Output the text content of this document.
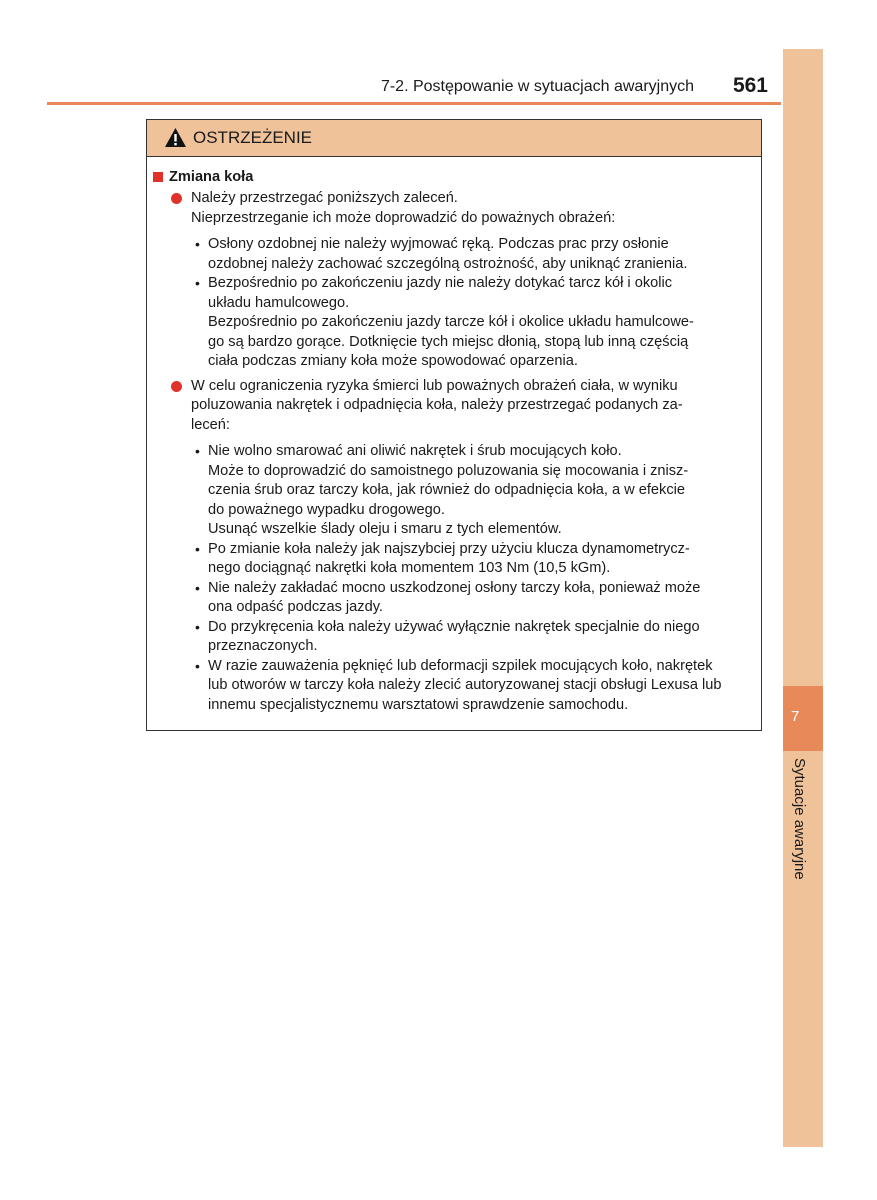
7-2. Postępowanie w sytuacjach awaryjnych 561
7
Sytuacje awaryjne
OSTRZEŻENIE
Zmiana koła
Należy przestrzegać poniższych zaleceń.
Nieprzestrzeganie ich może doprowadzić do poważnych obrażeń:
• Osłony ozdobnej nie należy wyjmować ręką. Podczas prac przy osłonie
ozdobnej należy zachować szczególną ostrożność, aby uniknąć zranienia.
• Bezpośrednio po zakończeniu jazdy nie należy dotykać tarcz kół i okolic
układu hamulcowego.
Bezpośrednio po zakończeniu jazdy tarcze kół i okolice układu hamulcowe-
go są bardzo gorące. Dotknięcie tych miejsc dłonią, stopą lub inną częścią
ciała podczas zmiany koła może spowodować oparzenia.
W celu ograniczenia ryzyka śmierci lub poważnych obrażeń ciała, w wyniku
poluzowania nakrętek i odpadnięcia koła, należy przestrzegać podanych za-
leceń:
• Nie wolno smarować ani oliwić nakrętek i śrub mocujących koło.
Może to doprowadzić do samoistnego poluzowania się mocowania i znisz-
czenia śrub oraz tarczy koła, jak również do odpadnięcia koła, a w efekcie
do poważnego wypadku drogowego.
Usunąć wszelkie ślady oleju i smaru z tych elementów.
• Po zmianie koła należy jak najszybciej przy użyciu klucza dynamometrycz-
nego dociągnąć nakrętki koła momentem 103 Nm (10,5 kGm).
• Nie należy zakładać mocno uszkodzonej osłony tarczy koła, ponieważ może
ona odpaść podczas jazdy.
• Do przykręcenia koła należy używać wyłącznie nakrętek specjalnie do niego
przeznaczonych.
• W razie zauważenia pęknięć lub deformacji szpilek mocujących koło, nakrętek
lub otworów w tarczy koła należy zlecić autoryzowanej stacji obsługi Lexusa lub
innemu specjalistycznemu warsztatowi sprawdzenie samochodu.
